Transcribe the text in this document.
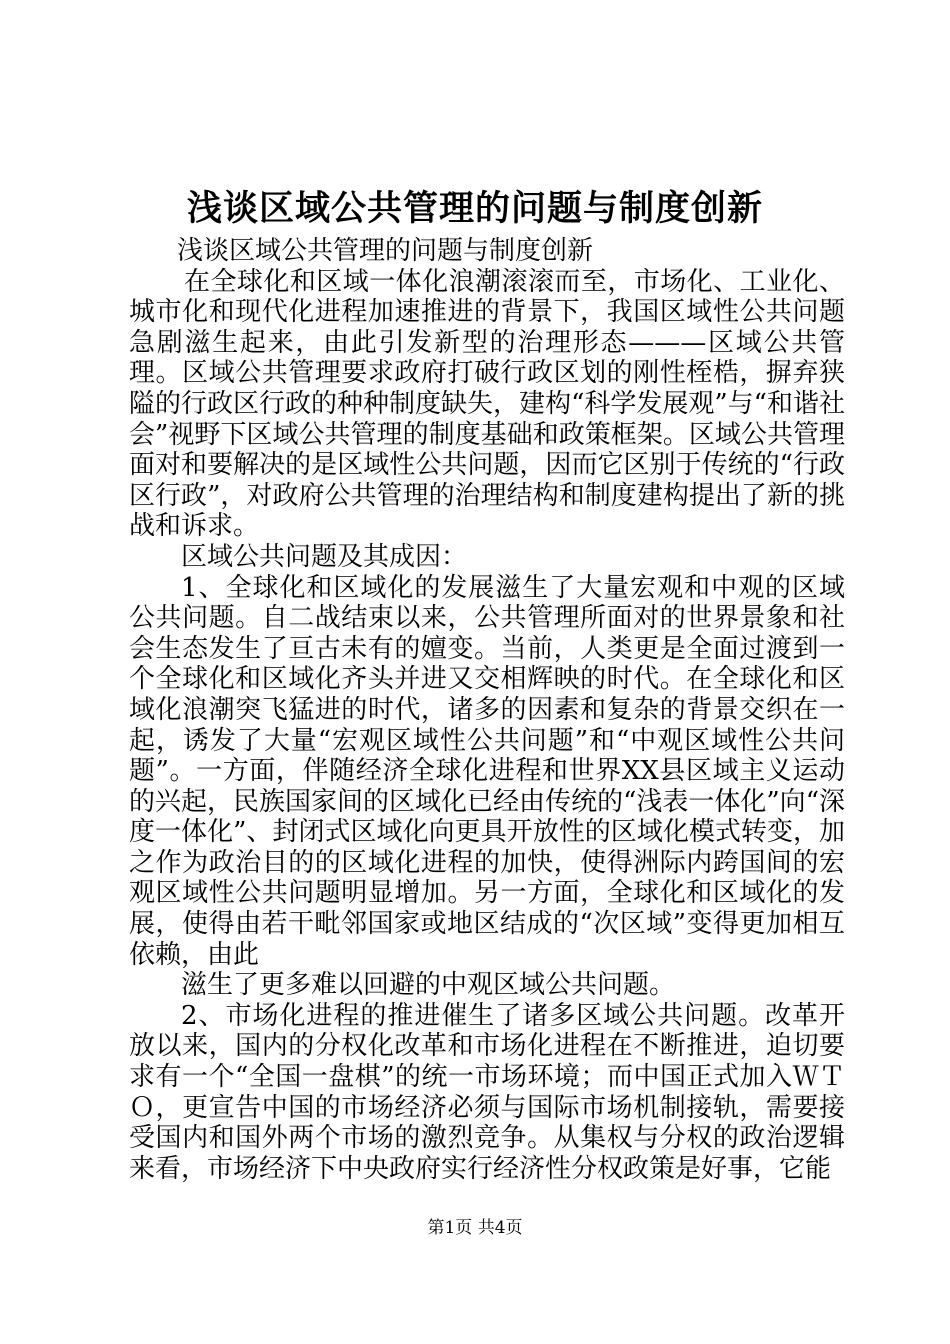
浅谈区域公共管理的问题与制度创新

浅谈区域公共管理的问题与制度创新

在全球化和区域一体化浪潮滚滚而至，市场化、工业化、城市化和现代化进程加速推进的背景下，我国区域性公共问题急剧滋生起来，由此引发新型的治理形态———区域公共管理。区域公共管理要求政府打破行政区划的刚性桎梏，摒弃狭隘的行政区行政的种种制度缺失，建构“科学发展观”与“和谐社会”视野下区域公共管理的制度基础和政策框架。区域公共管理面对和要解决的是区域性公共问题，因而它区别于传统的“行政区行政”，对政府公共管理的治理结构和制度建构提出了新的挑战和诉求。

区域公共问题及其成因：

1、全球化和区域化的发展滋生了大量宏观和中观的区域公共问题。自二战结束以来，公共管理所面对的世界景象和社会生态发生了亘古未有的嬗变。当前，人类更是全面过渡到一个全球化和区域化齐头并进又交相辉映的时代。在全球化和区域化浪潮突飞猛进的时代，诸多的因素和复杂的背景交织在一起，诱发了大量“宏观区域性公共问题”和“中观区域性公共问题”。一方面，伴随经济全球化进程和世界XX县区域主义运动的兴起，民族国家间的区域化已经由传统的“浅表一体化”向“深度一体化”、封闭式区域化向更具开放性的区域化模式转变，加之作为政治目的的区域化进程的加快，使得洲际内跨国间的宏观区域性公共问题明显增加。另一方面，全球化和区域化的发展，使得由若干毗邻国家或地区结成的“次区域”变得更加相互依赖，由此

滋生了更多难以回避的中观区域公共问题。

2、市场化进程的推进催生了诸多区域公共问题。改革开放以来，国内的分权化改革和市场化进程在不断推进，迫切要求有一个“全国一盘棋”的统一市场环境；而中国正式加入ＷＴＯ，更宣告中国的市场经济必须与国际市场机制接轨，需要接受国内和国外两个市场的激烈竞争。从集权与分权的政治逻辑来看，市场经济下中央政府实行经济性分权政策是好事，它能

第1页 共4页
